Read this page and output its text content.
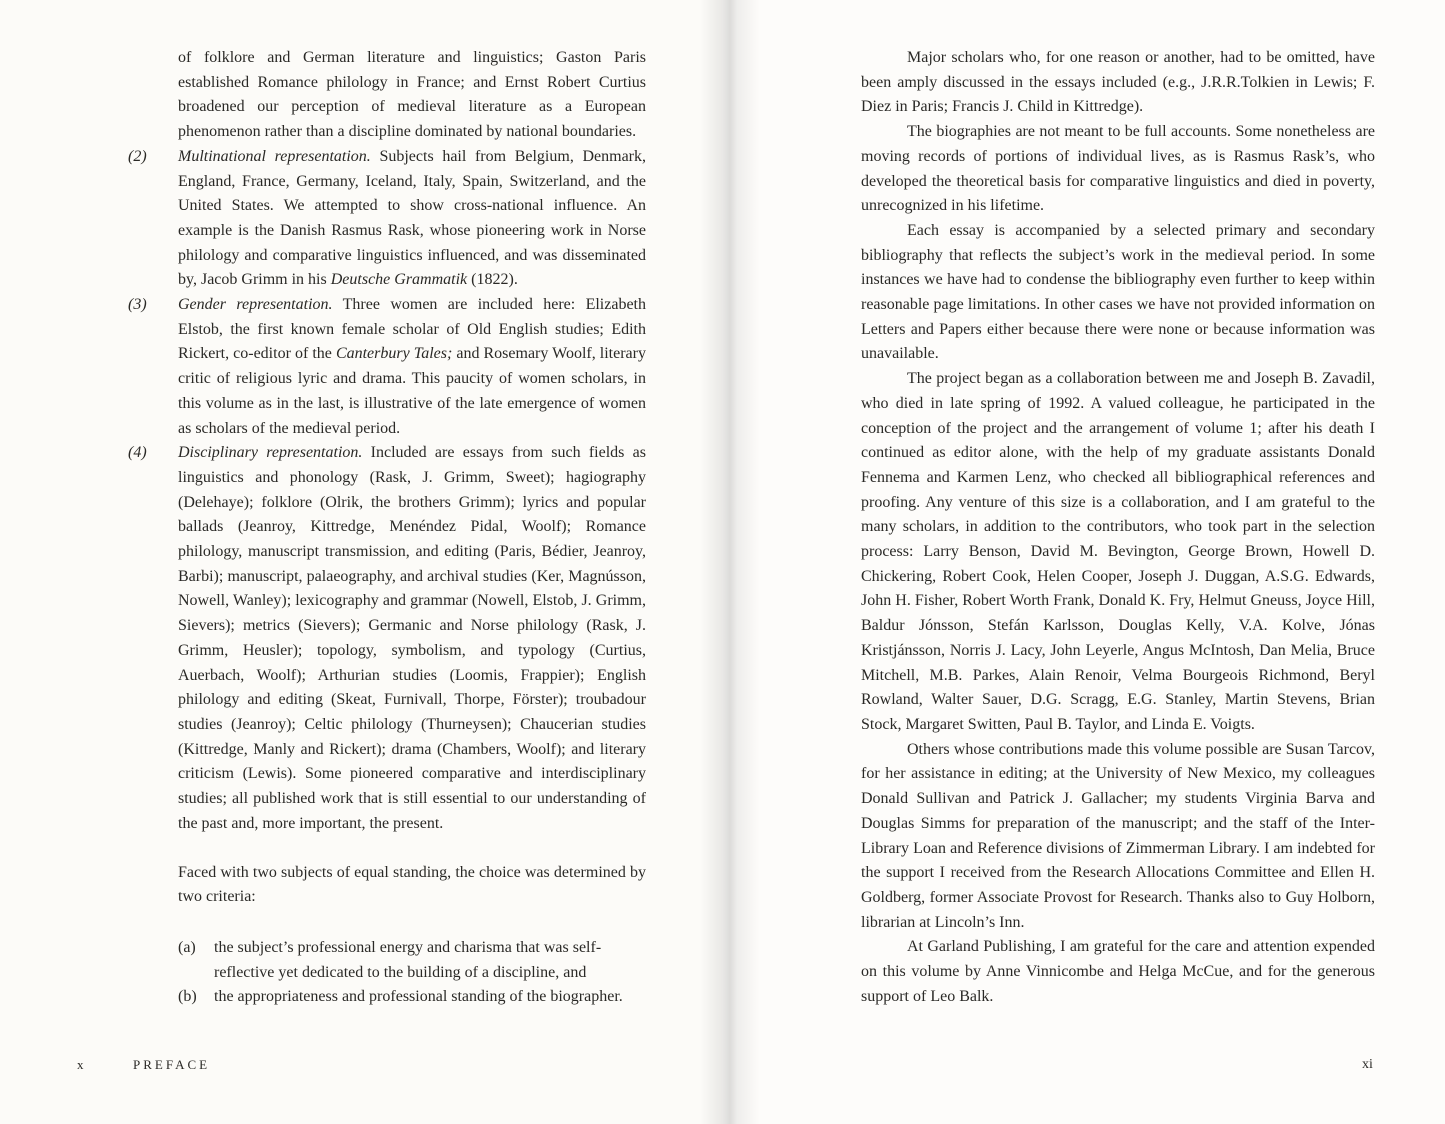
of folklore and German literature and linguistics; Gaston Paris established Romance philology in France; and Ernst Robert Curtius broadened our perception of medieval literature as a European phenomenon rather than a discipline dominated by national boundaries.

(2) Multinational representation. Subjects hail from Belgium, Denmark, England, France, Germany, Iceland, Italy, Spain, Switzerland, and the United States. We attempted to show cross-national influence. An example is the Danish Rasmus Rask, whose pioneering work in Norse philology and comparative linguistics influenced, and was disseminated by, Jacob Grimm in his Deutsche Grammatik (1822).

(3) Gender representation. Three women are included here: Elizabeth Elstob, the first known female scholar of Old English studies; Edith Rickert, co-editor of the Canterbury Tales; and Rosemary Woolf, literary critic of religious lyric and drama. This paucity of women scholars, in this volume as in the last, is illustrative of the late emergence of women as scholars of the medieval period.

(4) Disciplinary representation. Included are essays from such fields as linguistics and phonology (Rask, J. Grimm, Sweet); hagiography (Delehaye); folklore (Olrik, the brothers Grimm); lyrics and popular ballads (Jeanroy, Kittredge, Menéndez Pidal, Woolf); Romance philology, manuscript transmission, and editing (Paris, Bédier, Jeanroy, Barbi); manuscript, palaeography, and archival studies (Ker, Magnússon, Nowell, Wanley); lexicography and grammar (Nowell, Elstob, J. Grimm, Sievers); metrics (Sievers); Germanic and Norse philology (Rask, J. Grimm, Heusler); topology, symbolism, and typology (Curtius, Auerbach, Woolf); Arthurian studies (Loomis, Frappier); English philology and editing (Skeat, Furnivall, Thorpe, Förster); troubadour studies (Jeanroy); Celtic philology (Thurneysen); Chaucerian studies (Kittredge, Manly and Rickert); drama (Chambers, Woolf); and literary criticism (Lewis). Some pioneered comparative and interdisciplinary studies; all published work that is still essential to our understanding of the past and, more important, the present.

Faced with two subjects of equal standing, the choice was determined by two criteria:

(a) the subject’s professional energy and charisma that was self-reflective yet dedicated to the building of a discipline, and

(b) the appropriateness and professional standing of the biographer.

x	PREFACE

Major scholars who, for one reason or another, had to be omitted, have been amply discussed in the essays included (e.g., J.R.R.Tolkien in Lewis; F. Diez in Paris; Francis J. Child in Kittredge).

The biographies are not meant to be full accounts. Some nonetheless are moving records of portions of individual lives, as is Rasmus Rask’s, who developed the theoretical basis for comparative linguistics and died in poverty, unrecognized in his lifetime.

Each essay is accompanied by a selected primary and secondary bibliography that reflects the subject’s work in the medieval period. In some instances we have had to condense the bibliography even further to keep within reasonable page limitations. In other cases we have not provided information on Letters and Papers either because there were none or because information was unavailable.

The project began as a collaboration between me and Joseph B. Zavadil, who died in late spring of 1992. A valued colleague, he participated in the conception of the project and the arrangement of volume 1; after his death I continued as editor alone, with the help of my graduate assistants Donald Fennema and Karmen Lenz, who checked all bibliographical references and proofing. Any venture of this size is a collaboration, and I am grateful to the many scholars, in addition to the contributors, who took part in the selection process: Larry Benson, David M. Bevington, George Brown, Howell D. Chickering, Robert Cook, Helen Cooper, Joseph J. Duggan, A.S.G. Edwards, John H. Fisher, Robert Worth Frank, Donald K. Fry, Helmut Gneuss, Joyce Hill, Baldur Jónsson, Stefán Karlsson, Douglas Kelly, V.A. Kolve, Jónas Kristjánsson, Norris J. Lacy, John Leyerle, Angus McIntosh, Dan Melia, Bruce Mitchell, M.B. Parkes, Alain Renoir, Velma Bourgeois Richmond, Beryl Rowland, Walter Sauer, D.G. Scragg, E.G. Stanley, Martin Stevens, Brian Stock, Margaret Switten, Paul B. Taylor, and Linda E. Voigts.

Others whose contributions made this volume possible are Susan Tarcov, for her assistance in editing; at the University of New Mexico, my colleagues Donald Sullivan and Patrick J. Gallacher; my students Virginia Barva and Douglas Simms for preparation of the manuscript; and the staff of the Inter-Library Loan and Reference divisions of Zimmerman Library. I am indebted for the support I received from the Research Allocations Committee and Ellen H. Goldberg, former Associate Provost for Research. Thanks also to Guy Holborn, librarian at Lincoln’s Inn.

At Garland Publishing, I am grateful for the care and attention expended on this volume by Anne Vinnicombe and Helga McCue, and for the generous support of Leo Balk.

xi
